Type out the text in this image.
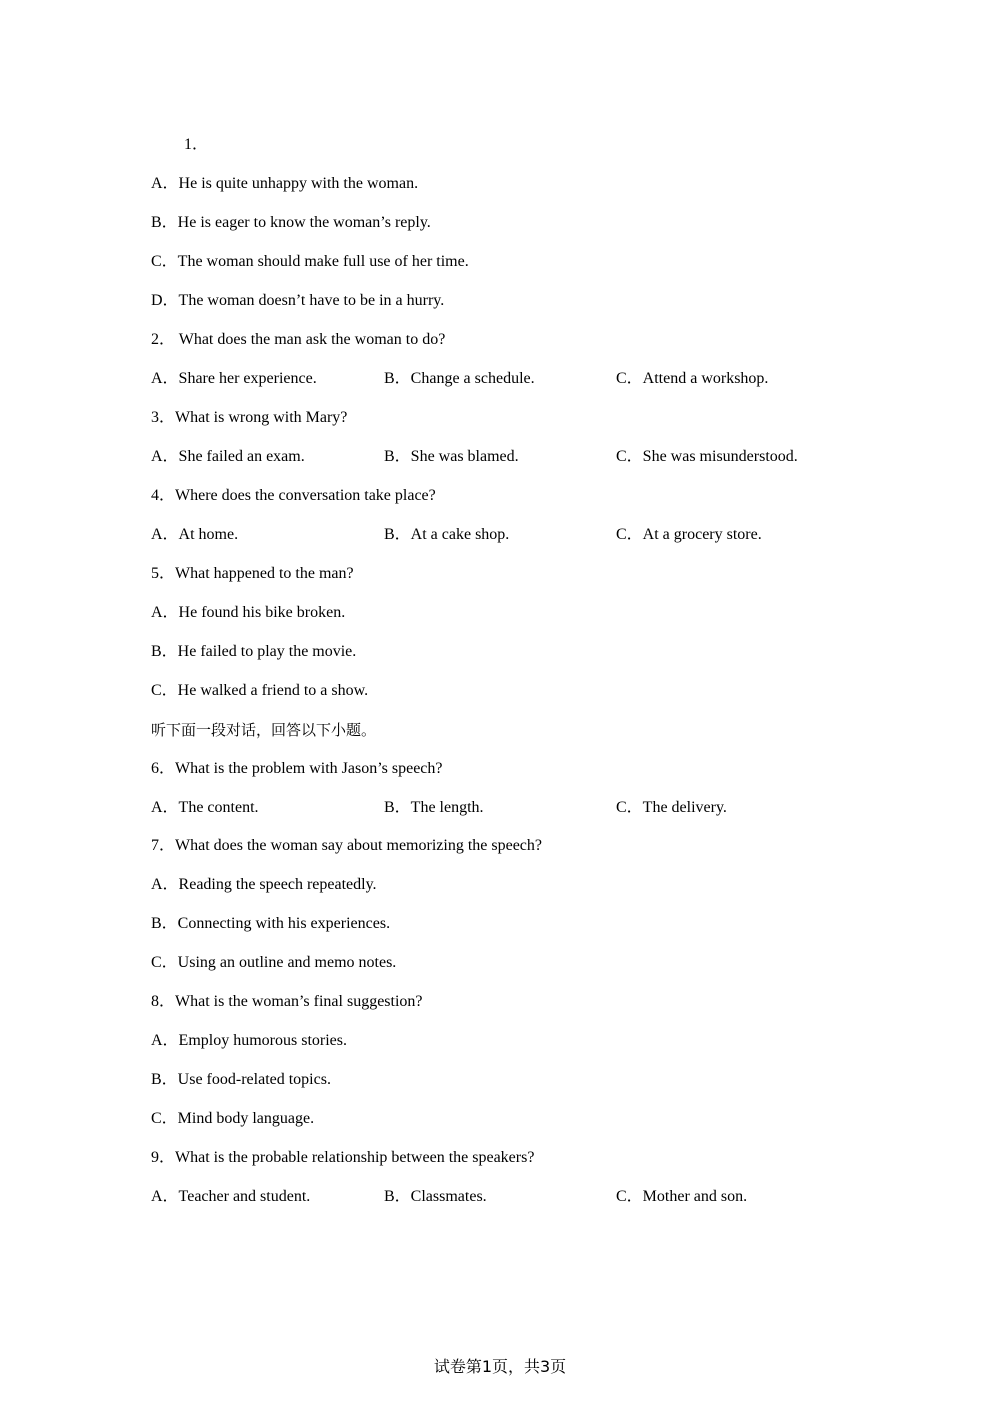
1．
A．He is quite unhappy with the woman.
B．He is eager to know the woman’s reply.
C．The woman should make full use of her time.
D．The woman doesn’t have to be in a hurry.
2． What does the man ask the woman to do?
A．Share her experience.	B．Change a schedule.	C．Attend a workshop.
3．What is wrong with Mary?
A．She failed an exam.	B．She was blamed.	C．She was misunderstood.
4．Where does the conversation take place?
A．At home.	B．At a cake shop.	C．At a grocery store.
5．What happened to the man?
A．He found his bike broken.
B．He failed to play the movie.
C．He walked a friend to a show.
听下面一段对话，回答以下小题。
6．What is the problem with Jason’s speech?
A．The content.	B．The length.	C．The delivery.
7．What does the woman say about memorizing the speech?
A．Reading the speech repeatedly.
B．Connecting with his experiences.
C．Using an outline and memo notes.
8．What is the woman’s final suggestion?
A．Employ humorous stories.
B．Use food-related topics.
C．Mind body language.
9．What is the probable relationship between the speakers?
A．Teacher and student.	B．Classmates.	C．Mother and son.
试卷第1页，共3页
